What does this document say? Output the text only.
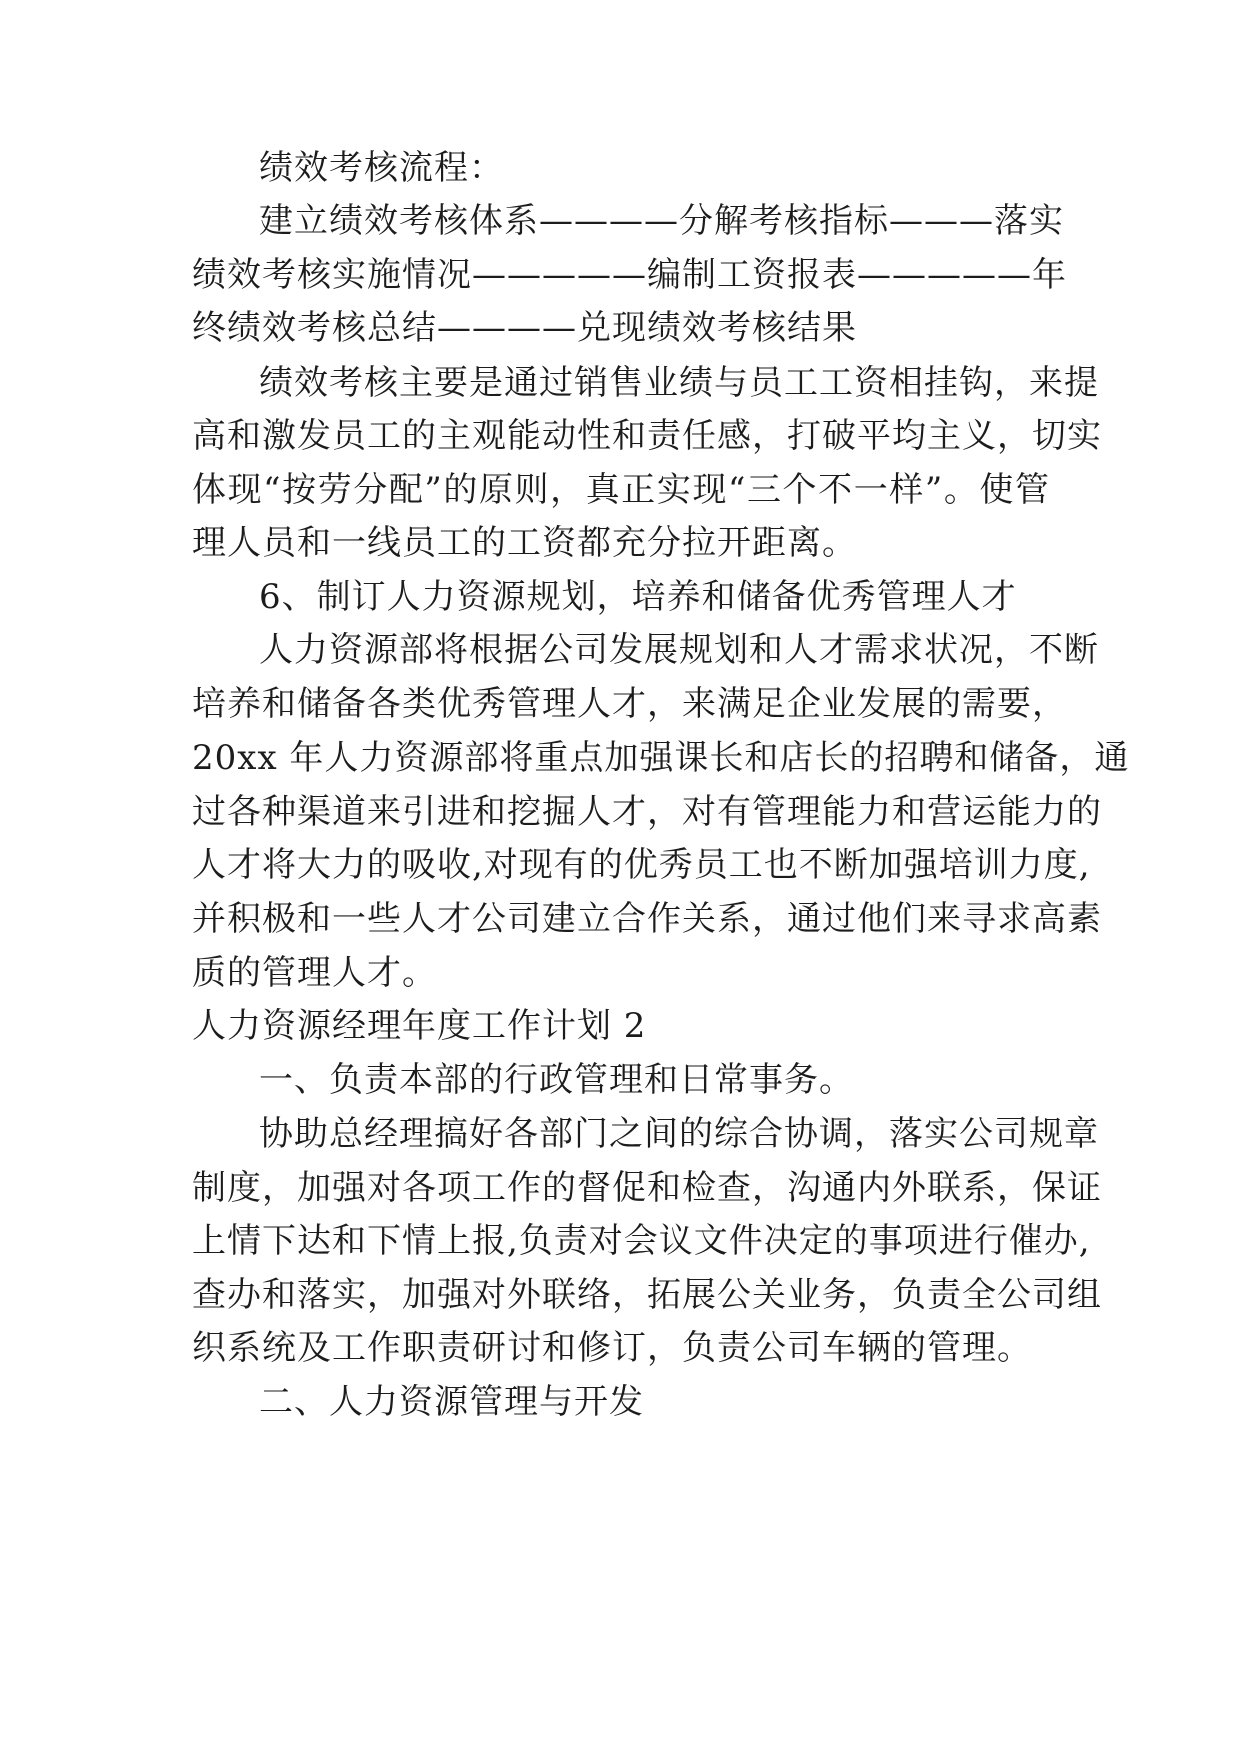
绩效考核流程：
建立绩效考核体系————分解考核指标———落实
绩效考核实施情况—————编制工资报表—————年
终绩效考核总结————兑现绩效考核结果
绩效考核主要是通过销售业绩与员工工资相挂钩，来提
高和激发员工的主观能动性和责任感，打破平均主义，切实
体现“按劳分配”的原则，真正实现“三个不一样”。使管
理人员和一线员工的工资都充分拉开距离。
6、制订人力资源规划，培养和储备优秀管理人才
人力资源部将根据公司发展规划和人才需求状况，不断
培养和储备各类优秀管理人才，来满足企业发展的需要，
20xx 年人力资源部将重点加强课长和店长的招聘和储备，通
过各种渠道来引进和挖掘人才，对有管理能力和营运能力的
人才将大力的吸收,对现有的优秀员工也不断加强培训力度,
并积极和一些人才公司建立合作关系，通过他们来寻求高素
质的管理人才。
人力资源经理年度工作计划 2
一、负责本部的行政管理和日常事务。
协助总经理搞好各部门之间的综合协调，落实公司规章
制度，加强对各项工作的督促和检查，沟通内外联系，保证
上情下达和下情上报,负责对会议文件决定的事项进行催办,
查办和落实，加强对外联络，拓展公关业务，负责全公司组
织系统及工作职责研讨和修订，负责公司车辆的管理。
二、人力资源管理与开发
